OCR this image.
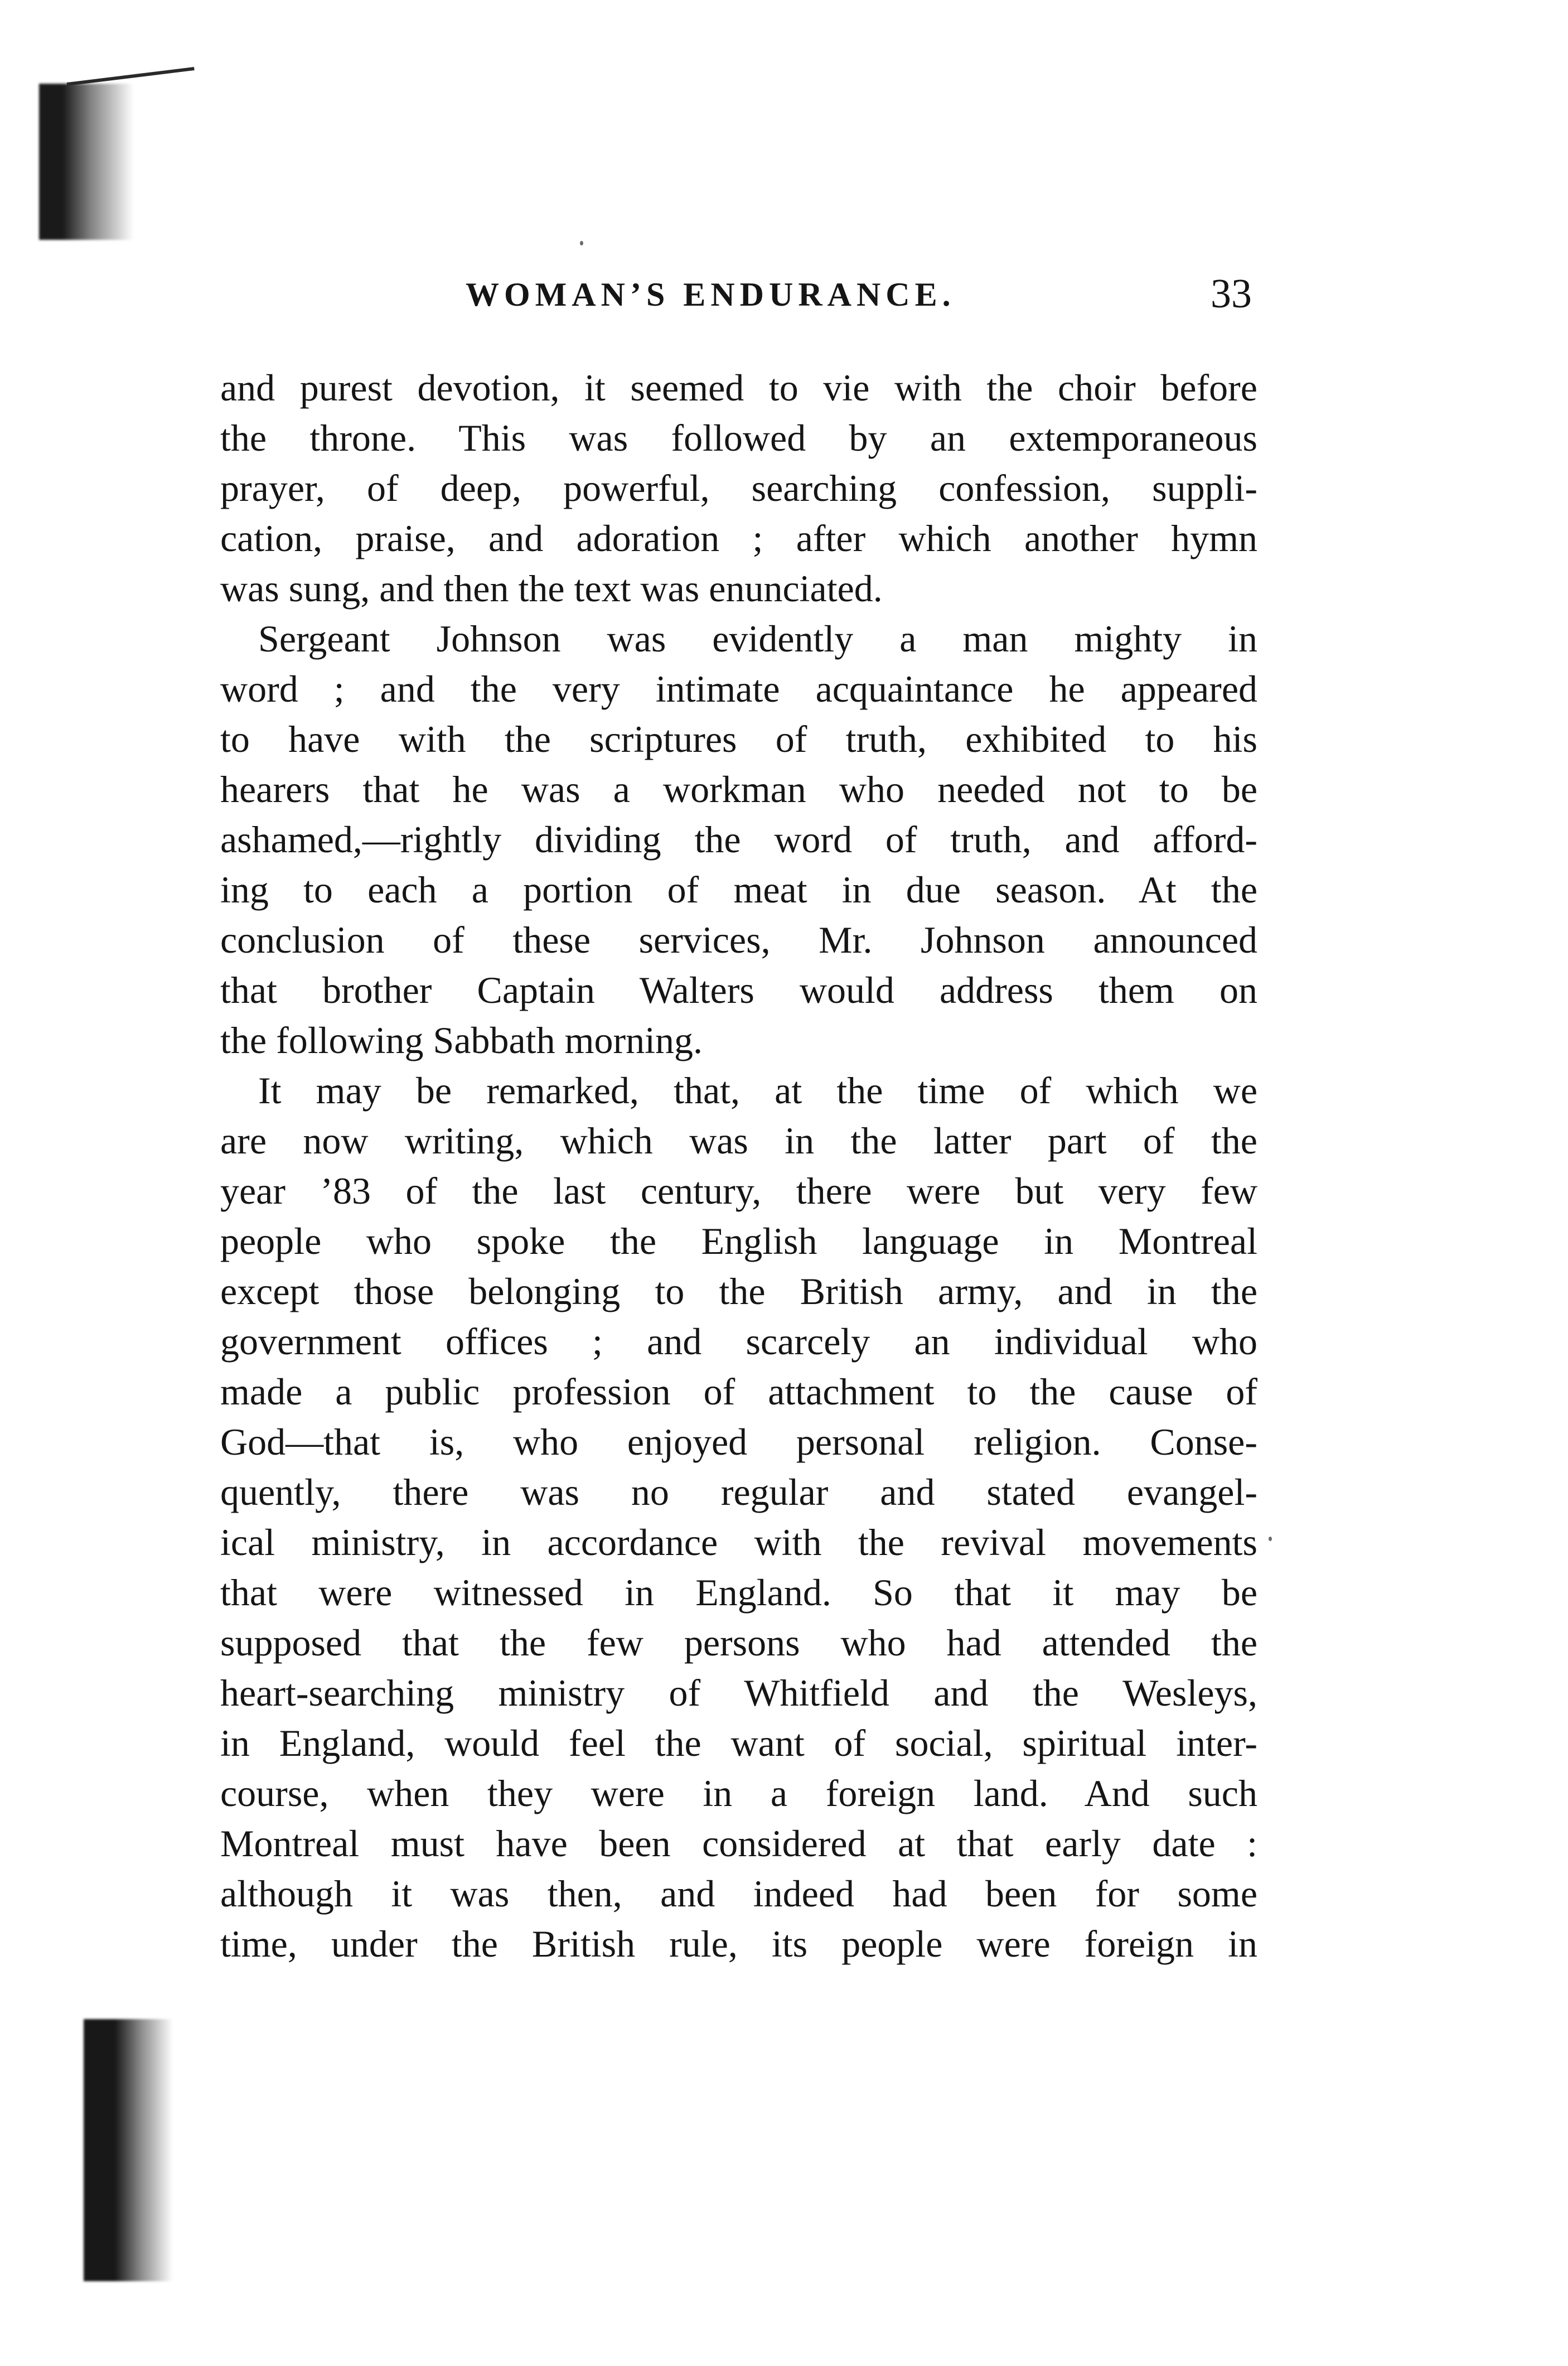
WOMAN’S ENDURANCE.	33
and purest devotion, it seemed to vie with the choir before
the throne. This was followed by an extemporaneous
prayer, of deep, powerful, searching confession, suppli-
cation, praise, and adoration ; after which another hymn
was sung, and then the text was enunciated.
Sergeant Johnson was evidently a man mighty in
word ; and the very intimate acquaintance he appeared
to have with the scriptures of truth, exhibited to his
hearers that he was a workman who needed not to be
ashamed,—rightly dividing the word of truth, and afford-
ing to each a portion of meat in due season. At the
conclusion of these services, Mr. Johnson announced
that brother Captain Walters would address them on
the following Sabbath morning.
It may be remarked, that, at the time of which we
are now writing, which was in the latter part of the
year ’83 of the last century, there were but very few
people who spoke the English language in Montreal
except those belonging to the British army, and in the
government offices ; and scarcely an individual who
made a public profession of attachment to the cause of
God—that is, who enjoyed personal religion. Conse-
quently, there was no regular and stated evangel-
ical ministry, in accordance with the revival movements
that were witnessed in England. So that it may be
supposed that the few persons who had attended the
heart-searching ministry of Whitfield and the Wesleys,
in England, would feel the want of social, spiritual inter-
course, when they were in a foreign land. And such
Montreal must have been considered at that early date :
although it was then, and indeed had been for some
time, under the British rule, its people were foreign in
